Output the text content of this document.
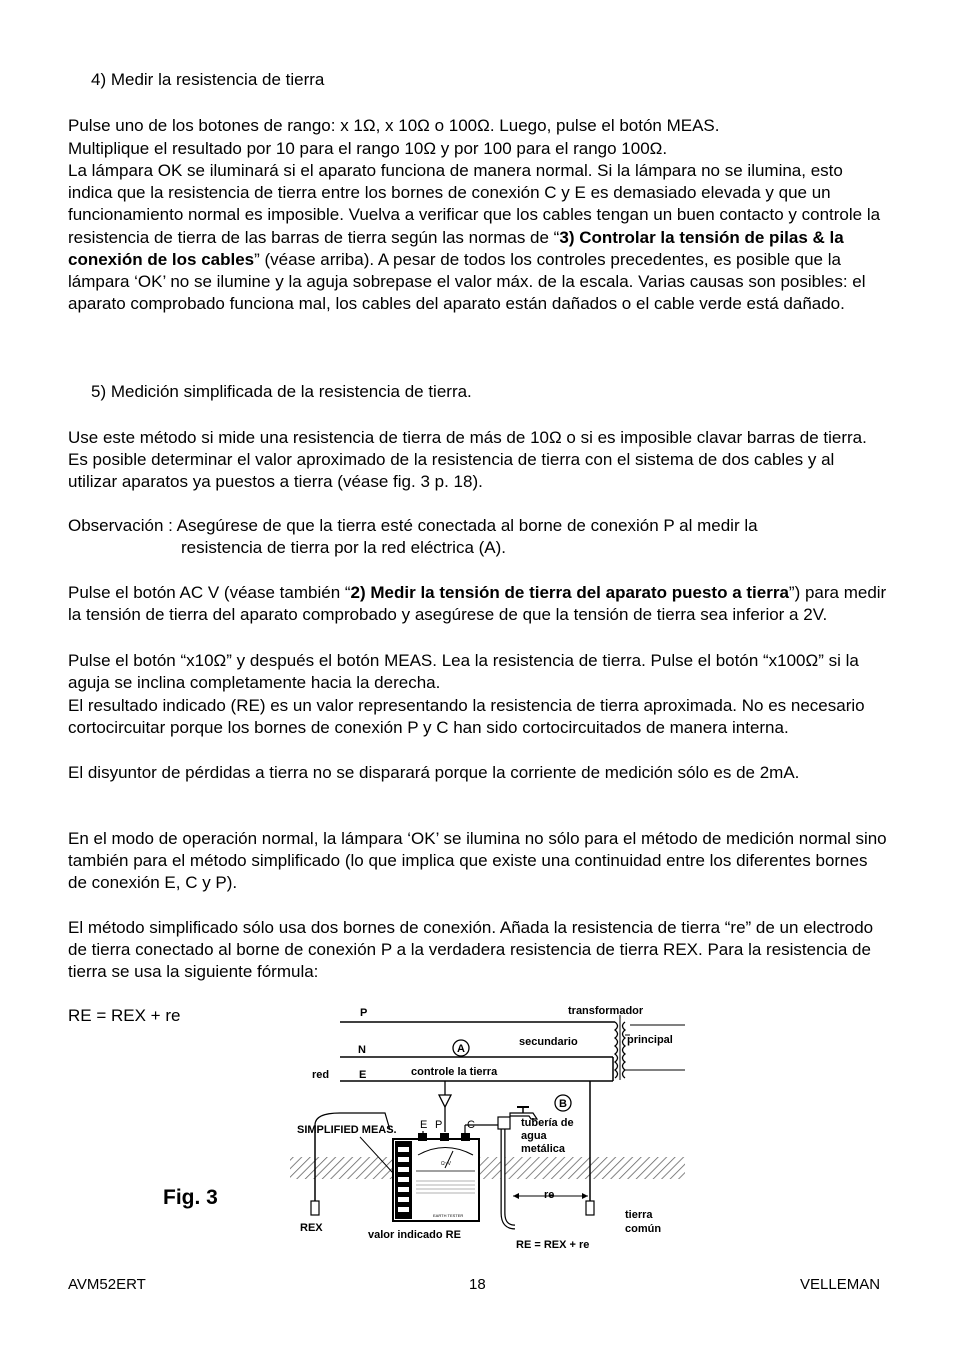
4) Medir la resistencia de tierra

Pulse uno de los botones de rango: x 1Ω, x 10Ω o 100Ω. Luego, pulse el botón MEAS.

Multiplique el resultado por 10 para el rango 10Ω y por 100 para el rango 100Ω.

La lámpara OK se iluminará si el aparato funciona de manera normal. Si la lámpara no se ilumina, esto indica que la resistencia de tierra entre los bornes de conexión C y E es demasiado elevada y que un funcionamiento normal es imposible. Vuelva a verificar que los cables tengan un buen contacto y controle la resistencia de tierra de las barras de tierra según las normas de “3) Controlar la tensión de pilas & la conexión de los cables” (véase arriba). A pesar de todos los controles precedentes, es posible que la lámpara ‘OK’ no se ilumine y la aguja sobrepase el valor máx. de la escala. Varias causas son posibles: el aparato comprobado funciona mal, los cables del aparato están dañados o el cable verde está dañado.

5) Medición simplificada de la resistencia de tierra.

Use este método si mide una resistencia de tierra de más de 10Ω o si es imposible clavar barras de tierra. Es posible determinar el valor aproximado de la resistencia de tierra con el sistema de dos cables y al utilizar aparatos ya puestos a tierra (véase fig. 3 p. 18).

Observación : Asegúrese de que la tierra esté conectada al borne de conexión P al medir la
resistencia de tierra por la red eléctrica (A).

Pulse el botón AC V (véase también “2) Medir la tensión de tierra del aparato puesto a tierra”) para medir la tensión de tierra del aparato comprobado y asegúrese de que la tensión de tierra sea inferior a 2V.

Pulse el botón “x10Ω” y después el botón MEAS. Lea la resistencia de tierra. Pulse el botón “x100Ω” si la aguja se inclina completamente hacia la derecha.

El resultado indicado (RE) es un valor representando la resistencia de tierra aproximada. No es necesario cortocircuitar porque los bornes de conexión P y C han sido cortocircuitados de manera interna.

El disyuntor de pérdidas a tierra no se disparará porque la corriente de medición sólo es de 2mA.

En el modo de operación normal, la lámpara ‘OK’ se ilumina no sólo para el método de medición normal sino también para el método simplificado (lo que implica que existe una continuidad entre los diferentes bornes de conexión E, C y P).

El método simplificado sólo usa dos bornes de conexión. Añada la resistencia de tierra “re” de un electrodo de tierra conectado al borne de conexión P a la verdadera resistencia de tierra REX. Para la resistencia de tierra se usa la siguiente fórmula:

RE = REX + re

Fig. 3

P
N
E
red
transformador
secundario	principal
A
controle la tierra
Ω~V
EARTH TESTER
E P C
SIMPLIFIED MEAS.
REX
B
tubería de
agua
metálica
re
tierra
común
valor indicado RE
RE = REX + re

AVM52ERT	18	VELLEMAN
